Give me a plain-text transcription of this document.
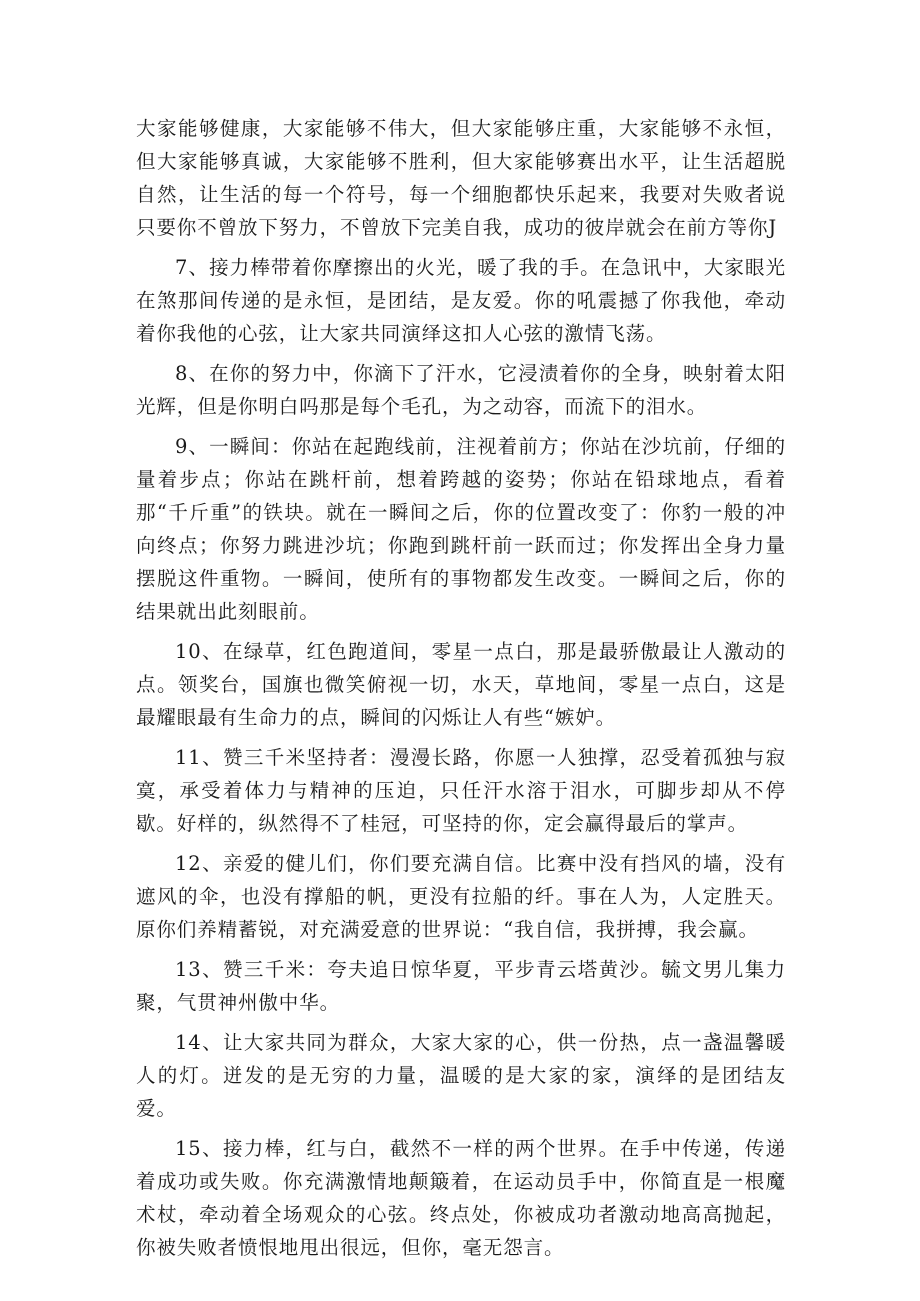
大家能够健康，大家能够不伟大，但大家能够庄重，大家能够不永恒，但大家能够真诚，大家能够不胜利，但大家能够赛出水平，让生活超脱自然，让生活的每一个符号，每一个细胞都快乐起来，我要对失败者说只要你不曾放下努力，不曾放下完美自我，成功的彼岸就会在前方等你J

7、接力棒带着你摩擦出的火光，暖了我的手。在急讯中，大家眼光在煞那间传递的是永恒，是团结，是友爱。你的吼震撼了你我他，牵动着你我他的心弦，让大家共同演绎这扣人心弦的激情飞荡。

8、在你的努力中，你滴下了汗水，它浸渍着你的全身，映射着太阳光辉，但是你明白吗那是每个毛孔，为之动容，而流下的泪水。

9、一瞬间：你站在起跑线前，注视着前方；你站在沙坑前，仔细的量着步点；你站在跳杆前，想着跨越的姿势；你站在铅球地点，看着那“千斤重”的铁块。就在一瞬间之后，你的位置改变了：你豹一般的冲向终点；你努力跳进沙坑；你跑到跳杆前一跃而过；你发挥出全身力量摆脱这件重物。一瞬间，使所有的事物都发生改变。一瞬间之后，你的结果就出此刻眼前。

10、在绿草，红色跑道间，零星一点白，那是最骄傲最让人激动的点。领奖台，国旗也微笑俯视一切，水天，草地间，零星一点白，这是最耀眼最有生命力的点，瞬间的闪烁让人有些“嫉妒。

11、赞三千米坚持者：漫漫长路，你愿一人独撑，忍受着孤独与寂寞，承受着体力与精神的压迫，只任汗水溶于泪水，可脚步却从不停歇。好样的，纵然得不了桂冠，可坚持的你，定会赢得最后的掌声。

12、亲爱的健儿们，你们要充满自信。比赛中没有挡风的墙，没有遮风的伞，也没有撑船的帆，更没有拉船的纤。事在人为，人定胜天。原你们养精蓄锐，对充满爱意的世界说：“我自信，我拼搏，我会赢。

13、赞三千米：夸夫追日惊华夏，平步青云塔黄沙。毓文男儿集力聚，气贯神州傲中华。

14、让大家共同为群众，大家大家的心，供一份热，点一盏温馨暖人的灯。迸发的是无穷的力量，温暖的是大家的家，演绎的是团结友爱。

15、接力棒，红与白，截然不一样的两个世界。在手中传递，传递着成功或失败。你充满激情地颠簸着，在运动员手中，你简直是一根魔术杖，牵动着全场观众的心弦。终点处，你被成功者激动地高高抛起，你被失败者愤恨地甩出很远，但你，毫无怨言。
